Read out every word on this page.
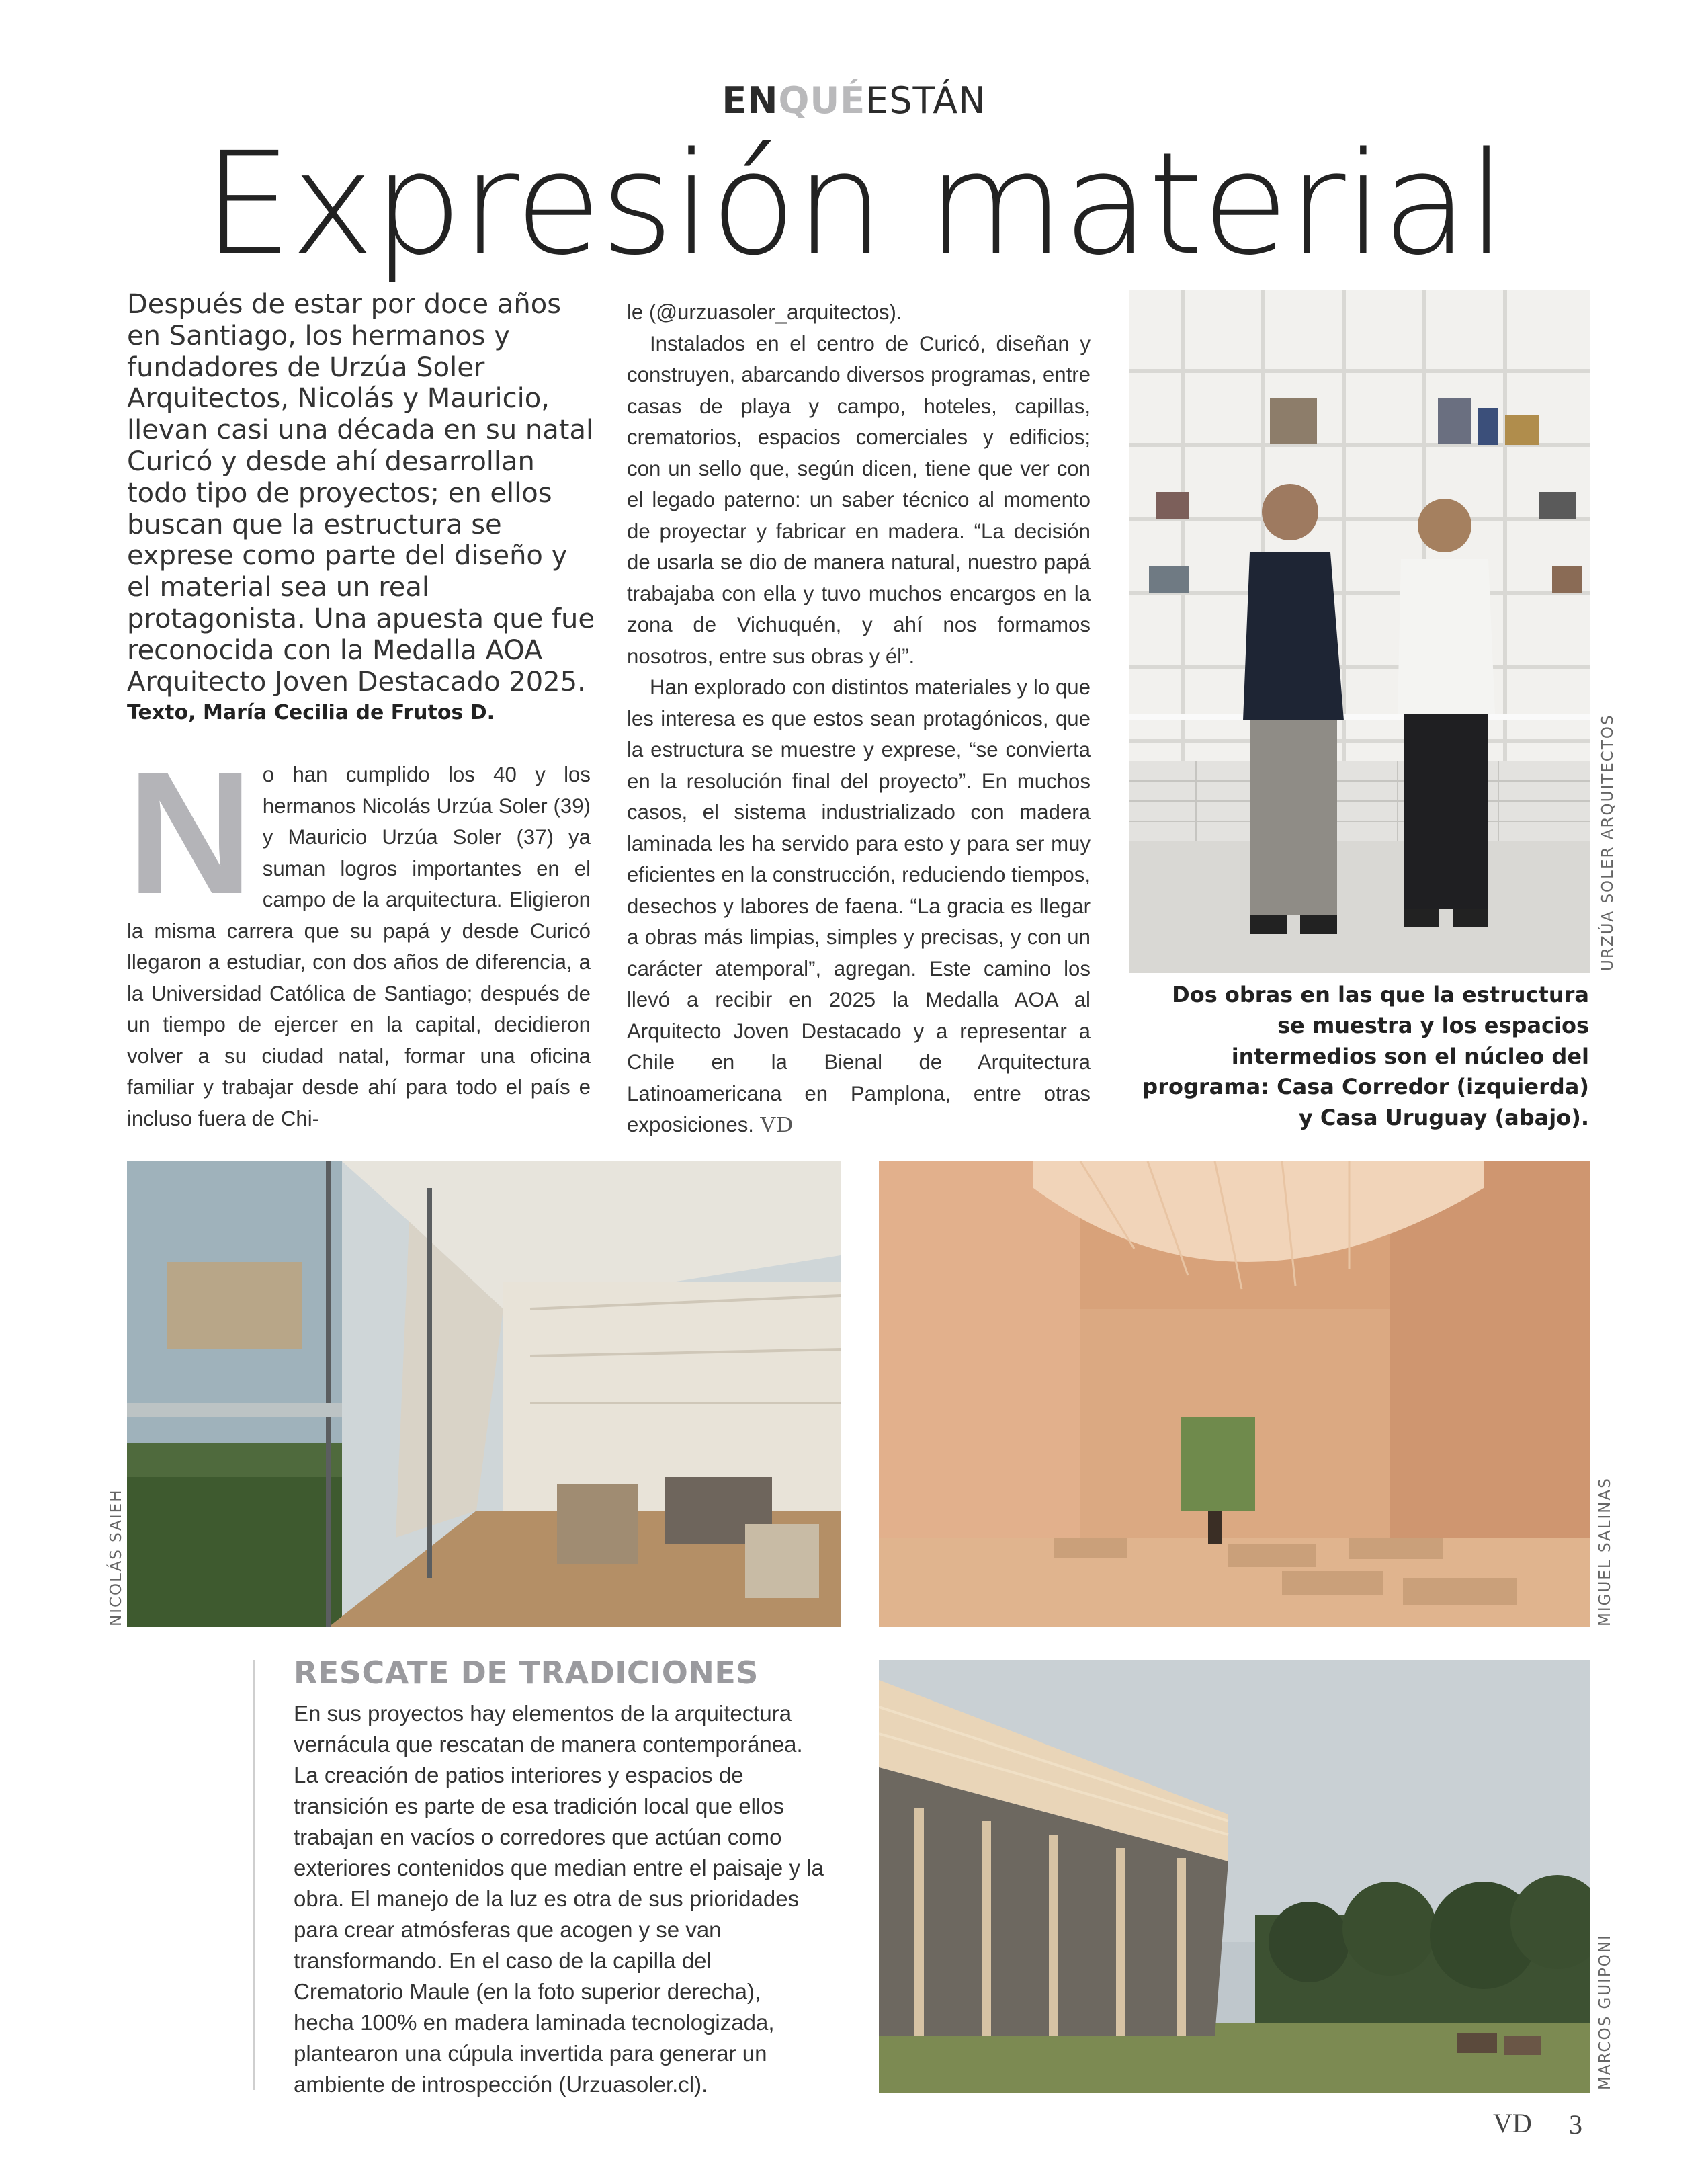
ENQUÉESTÁN
Expresión material
Después de estar por doce años en Santiago, los hermanos y fundadores de Urzúa Soler Arquitectos, Nicolás y Mauricio, llevan casi una década en su natal Curicó y desde ahí desarrollan todo tipo de proyectos; en ellos buscan que la estructura se exprese como parte del diseño y el material sea un real protagonista. Una apuesta que fue reconocida con la Medalla AOA Arquitecto Joven Destacado 2025.
Texto, María Cecilia de Frutos D.
N o han cumplido los 40 y los hermanos Nicolás Urzúa Soler (39) y Mauricio Urzúa Soler (37) ya suman logros importantes en el campo de la arquitectura. Eligieron la misma carrera que su papá y desde Curicó llegaron a estudiar, con dos años de diferencia, a la Universidad Católica de Santiago; después de un tiempo de ejercer en la capital, decidieron volver a su ciudad natal, formar una oficina familiar y trabajar desde ahí para todo el país e incluso fuera de Chi-

le (@urzuasoler_arquitectos).

Instalados en el centro de Curicó, diseñan y construyen, abarcando diversos programas, entre casas de playa y campo, hoteles, capillas, crematorios, espacios comerciales y edificios; con un sello que, según dicen, tiene que ver con el legado paterno: un saber técnico al momento de proyectar y fabricar en madera. “La decisión de usarla se dio de manera natural, nuestro papá trabajaba con ella y tuvo muchos encargos en la zona de Vichuquén, y ahí nos formamos nosotros, entre sus obras y él”.

Han explorado con distintos materiales y lo que les interesa es que estos sean protagónicos, que la estructura se muestre y exprese, “se convierta en la resolución final del proyecto”. En muchos casos, el sistema industrializado con madera laminada les ha servido para esto y para ser muy eficientes en la construcción, reduciendo tiempos, desechos y labores de faena. “La gracia es llegar a obras más limpias, simples y precisas, y con un carácter atemporal”, agregan. Este camino los llevó a recibir en 2025 la Medalla AOA al Arquitecto Joven Destacado y a representar a Chile en la Bienal de Arquitectura Latinoamericana en Pamplona, entre otras exposiciones. VD

URZÚA SOLER ARQUITECTOS
Dos obras en las que la estructura se muestra y los espacios intermedios son el núcleo del programa: Casa Corredor (izquierda) y Casa Uruguay (abajo).
NICOLÁS SAIEH	MIGUEL SALINAS
RESCATE DE TRADICIONES
En sus proyectos hay elementos de la arquitectura vernácula que rescatan de manera contemporánea. La creación de patios interiores y espacios de transición es parte de esa tradición local que ellos trabajan en vacíos o corredores que actúan como exteriores contenidos que median entre el paisaje y la obra. El manejo de la luz es otra de sus prioridades para crear atmósferas que acogen y se van transformando. En el caso de la capilla del Crematorio Maule (en la foto superior derecha), hecha 100% en madera laminada tecnologizada, plantearon una cúpula invertida para generar un ambiente de introspección (Urzuasoler.cl).	MARCOS GUIPONI
VD 3
